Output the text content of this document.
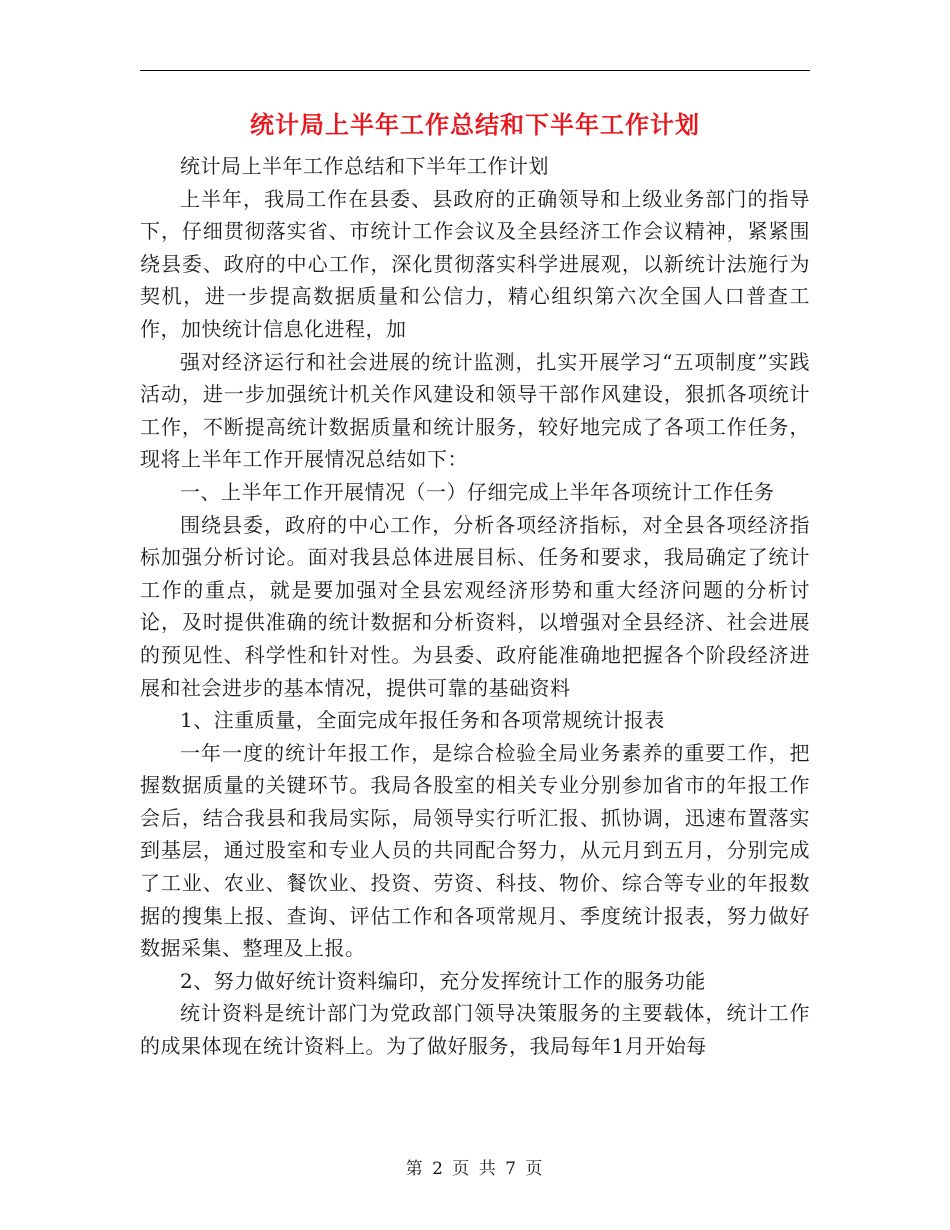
统计局上半年工作总结和下半年工作计划

统计局上半年工作总结和下半年工作计划

上半年，我局工作在县委、县政府的正确领导和上级业务部门的指导下，仔细贯彻落实省、市统计工作会议及全县经济工作会议精神，紧紧围绕县委、政府的中心工作，深化贯彻落实科学进展观，以新统计法施行为契机，进一步提高数据质量和公信力，精心组织第六次全国人口普查工作，加快统计信息化进程，加

强对经济运行和社会进展的统计监测，扎实开展学习“五项制度”实践活动，进一步加强统计机关作风建设和领导干部作风建设，狠抓各项统计工作，不断提高统计数据质量和统计服务，较好地完成了各项工作任务，现将上半年工作开展情况总结如下：

一、上半年工作开展情况（一）仔细完成上半年各项统计工作任务

围绕县委，政府的中心工作，分析各项经济指标，对全县各项经济指标加强分析讨论。面对我县总体进展目标、任务和要求，我局确定了统计工作的重点，就是要加强对全县宏观经济形势和重大经济问题的分析讨论，及时提供准确的统计数据和分析资料，以增强对全县经济、社会进展的预见性、科学性和针对性。为县委、政府能准确地把握各个阶段经济进展和社会进步的基本情况，提供可靠的基础资料

1、注重质量，全面完成年报任务和各项常规统计报表

一年一度的统计年报工作，是综合检验全局业务素养的重要工作，把握数据质量的关键环节。我局各股室的相关专业分别参加省市的年报工作会后，结合我县和我局实际，局领导实行听汇报、抓协调，迅速布置落实到基层，通过股室和专业人员的共同配合努力，从元月到五月，分别完成了工业、农业、餐饮业、投资、劳资、科技、物价、综合等专业的年报数据的搜集上报、查询、评估工作和各项常规月、季度统计报表，努力做好数据采集、整理及上报。

2、努力做好统计资料编印，充分发挥统计工作的服务功能

统计资料是统计部门为党政部门领导决策服务的主要载体，统计工作的成果体现在统计资料上。为了做好服务，我局每年1月开始每

第 2 页 共 7 页
